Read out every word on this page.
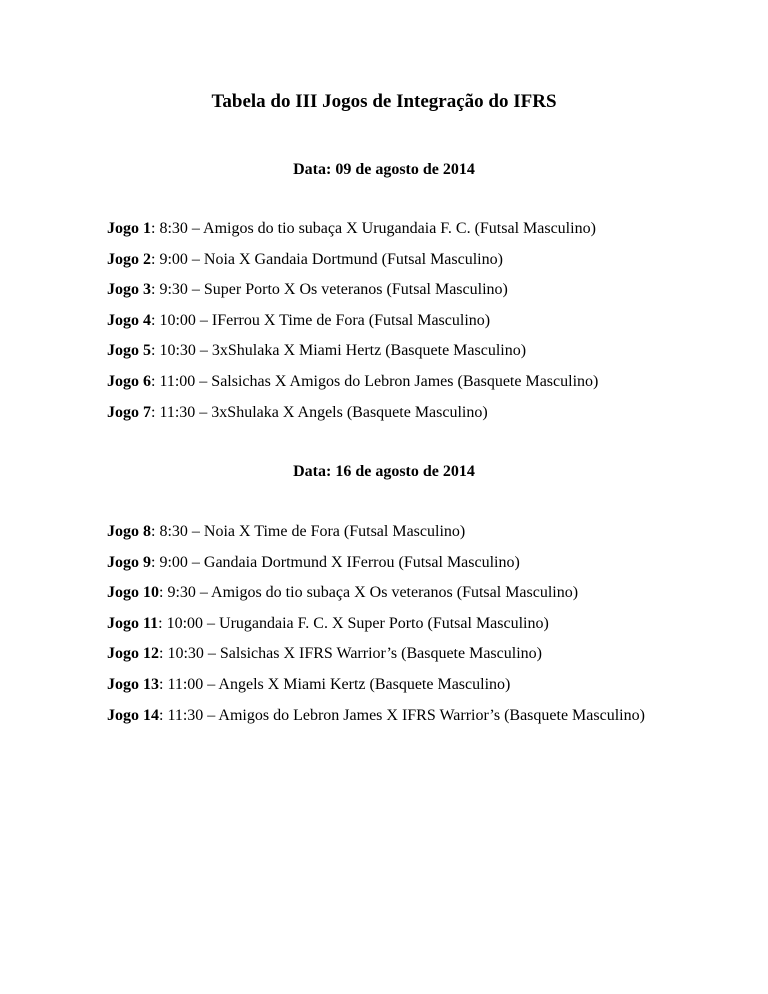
Tabela do III Jogos de Integração do IFRS
Data: 09 de agosto de 2014
Jogo 1: 8:30 – Amigos do tio subaça X Urugandaia F. C. (Futsal Masculino)
Jogo 2: 9:00 – Noia X Gandaia Dortmund (Futsal Masculino)
Jogo 3: 9:30 – Super Porto X Os veteranos (Futsal Masculino)
Jogo 4: 10:00 – IFerrou X Time de Fora (Futsal Masculino)
Jogo 5: 10:30 – 3xShulaka X Miami Hertz (Basquete Masculino)
Jogo 6: 11:00 – Salsichas X Amigos do Lebron James (Basquete Masculino)
Jogo 7: 11:30 – 3xShulaka X Angels (Basquete Masculino)
Data: 16 de agosto de 2014
Jogo 8: 8:30 – Noia X Time de Fora (Futsal Masculino)
Jogo 9: 9:00 – Gandaia Dortmund X IFerrou (Futsal Masculino)
Jogo 10: 9:30 – Amigos do tio subaça X Os veteranos (Futsal Masculino)
Jogo 11: 10:00 – Urugandaia F. C. X Super Porto (Futsal Masculino)
Jogo 12: 10:30 – Salsichas X IFRS Warrior’s (Basquete Masculino)
Jogo 13: 11:00 – Angels X Miami Kertz (Basquete Masculino)
Jogo 14: 11:30 – Amigos do Lebron James X IFRS Warrior’s (Basquete Masculino)
